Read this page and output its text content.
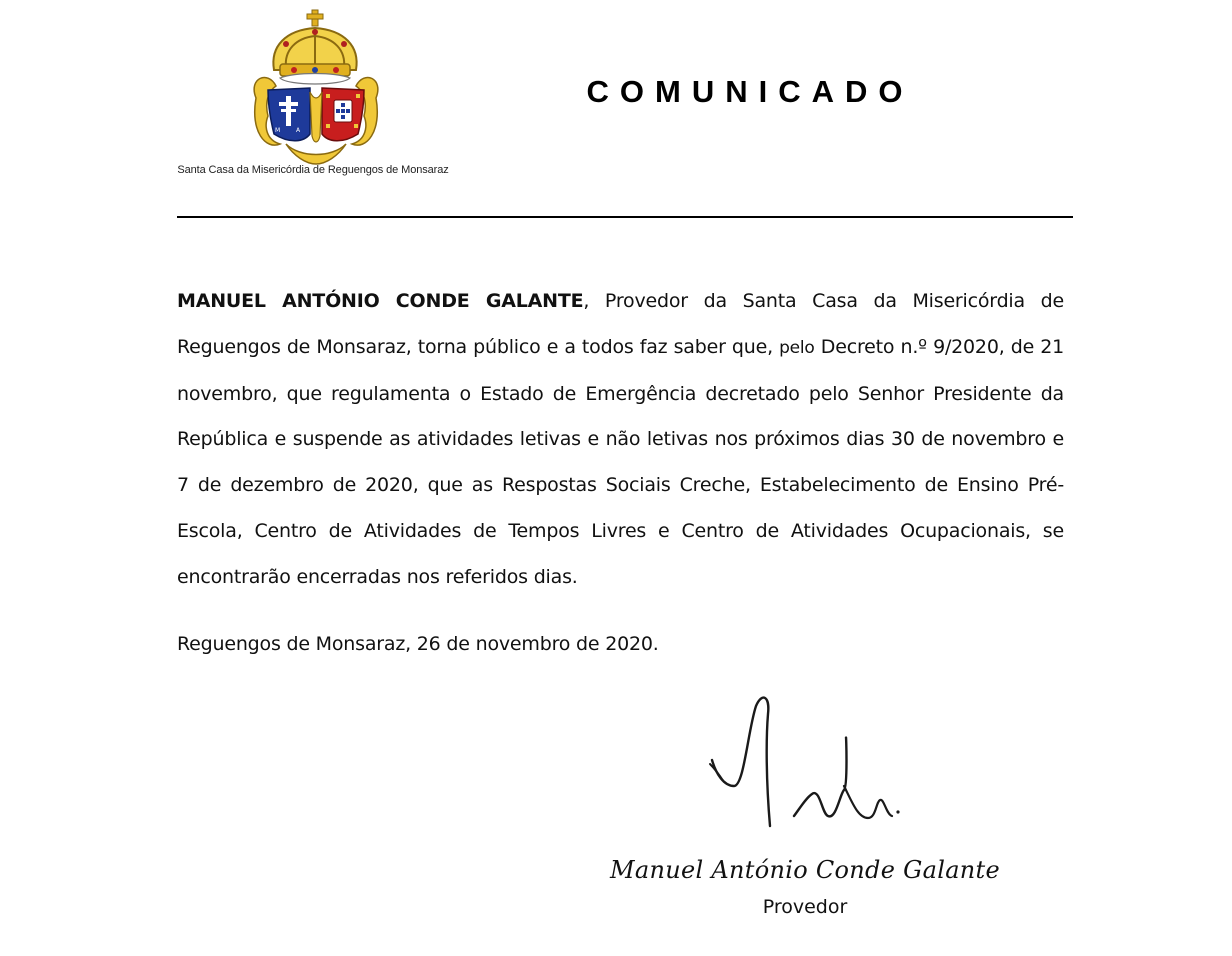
M	A
Santa Casa da Misericórdia de Reguengos de Monsaraz
COMUNICADO

MANUEL ANTÓNIO CONDE GALANTE, Provedor da Santa Casa da Misericórdia de Reguengos de Monsaraz, torna público e a todos faz saber que, pelo Decreto n.º 9/2020, de 21 novembro, que regulamenta o Estado de Emergência decretado pelo Senhor Presidente da República e suspende as atividades letivas e não letivas nos próximos dias 30 de novembro e 7 de dezembro de 2020, que as Respostas Sociais Creche, Estabelecimento de Ensino Pré-Escola, Centro de Atividades de Tempos Livres e Centro de Atividades Ocupacionais, se encontrarão encerradas nos referidos dias.

Reguengos de Monsaraz, 26 de novembro de 2020.

Manuel António Conde Galante
Provedor
